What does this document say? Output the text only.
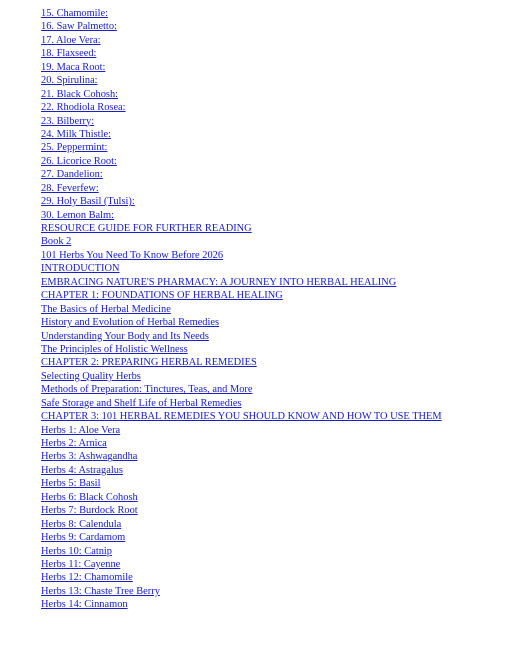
15. Chamomile:
16. Saw Palmetto:
17. Aloe Vera:
18. Flaxseed:
19. Maca Root:
20. Spirulina:
21. Black Cohosh:
22. Rhodiola Rosea:
23. Bilberry:
24. Milk Thistle:
25. Peppermint:
26. Licorice Root:
27. Dandelion:
28. Feverfew:
29. Holy Basil (Tulsi):
30. Lemon Balm:
RESOURCE GUIDE FOR FURTHER READING
Book 2
101 Herbs You Need To Know Before 2026
INTRODUCTION
EMBRACING NATURE'S PHARMACY: A JOURNEY INTO HERBAL HEALING
CHAPTER 1: FOUNDATIONS OF HERBAL HEALING
The Basics of Herbal Medicine
History and Evolution of Herbal Remedies
Understanding Your Body and Its Needs
The Principles of Holistic Wellness
CHAPTER 2: PREPARING HERBAL REMEDIES
Selecting Quality Herbs
Methods of Preparation: Tinctures, Teas, and More
Safe Storage and Shelf Life of Herbal Remedies
CHAPTER 3: 101 HERBAL REMEDIES YOU SHOULD KNOW AND HOW TO USE THEM
Herbs 1: Aloe Vera
Herbs 2: Arnica
Herbs 3: Ashwagandha
Herbs 4: Astragalus
Herbs 5: Basil
Herbs 6: Black Cohosh
Herbs 7: Burdock Root
Herbs 8: Calendula
Herbs 9: Cardamom
Herbs 10: Catnip
Herbs 11: Cayenne
Herbs 12: Chamomile
Herbs 13: Chaste Tree Berry
Herbs 14: Cinnamon
